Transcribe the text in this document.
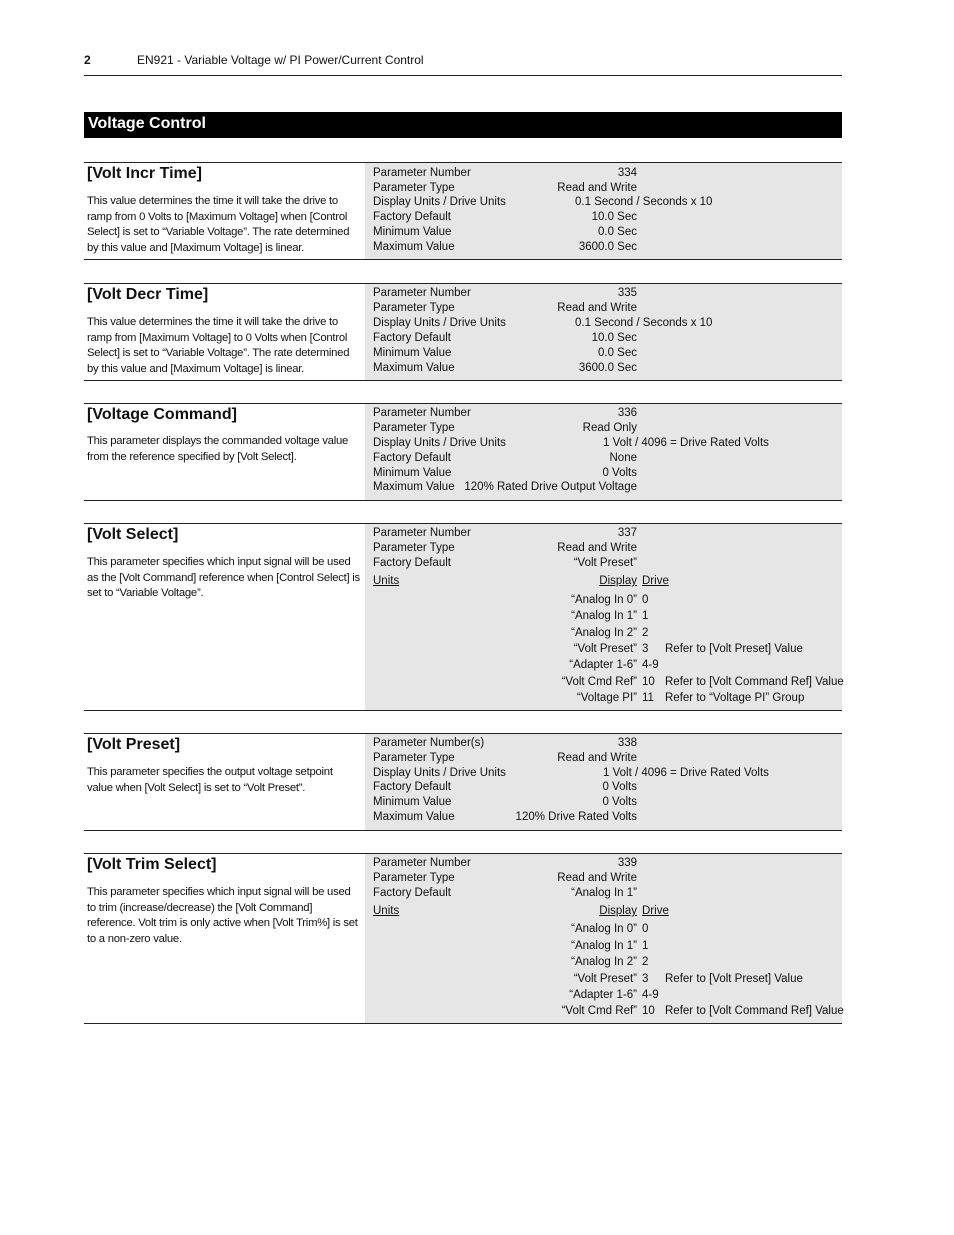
2	EN921 - Variable Voltage w/ PI Power/Current Control
Voltage Control
[Volt Incr Time]

This value determines the time it will take the drive to ramp from 0 Volts to [Maximum Voltage] when [Control Select] is set to “Variable Voltage”. The rate determined by this value and [Maximum Voltage] is linear.

Parameter Number	334
Parameter Type	Read and Write
Display Units / Drive Units	0.1 Second / Seconds x 10
Factory Default	10.0 Sec
Minimum Value	0.0 Sec
Maximum Value	3600.0 Sec
[Volt Decr Time]

This value determines the time it will take the drive to ramp from [Maximum Voltage] to 0 Volts when [Control Select] is set to “Variable Voltage”. The rate determined by this value and [Maximum Voltage] is linear.

Parameter Number	335
Parameter Type	Read and Write
Display Units / Drive Units	0.1 Second / Seconds x 10
Factory Default	10.0 Sec
Minimum Value	0.0 Sec
Maximum Value	3600.0 Sec
[Voltage Command]

This parameter displays the commanded voltage value from the reference specified by [Volt Select].

Parameter Number	336
Parameter Type	Read Only
Display Units / Drive Units	1 Volt / 4096 = Drive Rated Volts
Factory Default	None
Minimum Value	0 Volts
Maximum Value 120% Rated Drive Output Voltage
[Volt Select]

This parameter specifies which input signal will be used as the [Volt Command] reference when [Control Select] is set to “Variable Voltage”.

Parameter Number	337
Parameter Type	Read and Write
Factory Default	“Volt Preset”
Units	Display Drive
“Analog In 0” 0
“Analog In 1” 1
“Analog In 2” 2
“Volt Preset” 3 Refer to [Volt Preset] Value
“Adapter 1-6” 4-9
“Volt Cmd Ref” 10 Refer to [Volt Command Ref] Value
“Voltage PI” 11 Refer to “Voltage PI” Group
[Volt Preset]

This parameter specifies the output voltage setpoint value when [Volt Select] is set to “Volt Preset”.

Parameter Number(s)	338
Parameter Type	Read and Write
Display Units / Drive Units	1 Volt / 4096 = Drive Rated Volts
Factory Default	0 Volts
Minimum Value	0 Volts
Maximum Value	120% Drive Rated Volts
[Volt Trim Select]

This parameter specifies which input signal will be used to trim (increase/decrease) the [Volt Command] reference. Volt trim is only active when [Volt Trim%] is set to a non-zero value.

Parameter Number	339
Parameter Type	Read and Write
Factory Default	“Analog In 1”
Units	Display Drive
“Analog In 0” 0
“Analog In 1” 1
“Analog In 2” 2
“Volt Preset” 3 Refer to [Volt Preset] Value
“Adapter 1-6” 4-9
“Volt Cmd Ref” 10 Refer to [Volt Command Ref] Value
